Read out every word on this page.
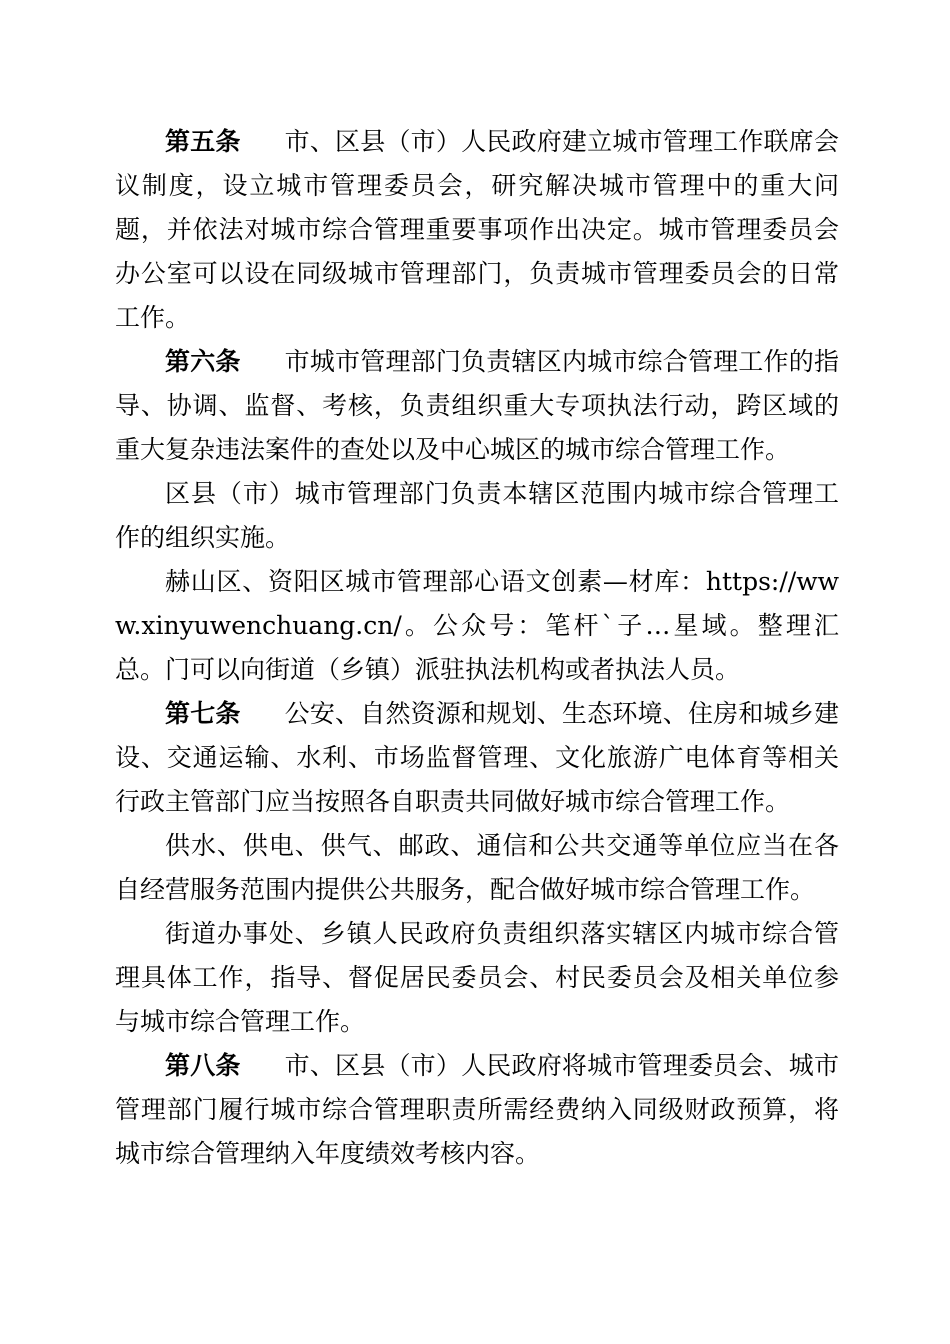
第五条 市、区县（市）人民政府建立城市管理工作联席会议制度，设立城市管理委员会，研究解决城市管理中的重大问题，并依法对城市综合管理重要事项作出决定。城市管理委员会办公室可以设在同级城市管理部门，负责城市管理委员会的日常工作。

第六条 市城市管理部门负责辖区内城市综合管理工作的指导、协调、监督、考核，负责组织重大专项执法行动，跨区域的重大复杂违法案件的查处以及中心城区的城市综合管理工作。

区县（市）城市管理部门负责本辖区范围内城市综合管理工作的组织实施。

赫山区、资阳区城市管理部心语文创素—材库：https://www.xinyuwenchuang.cn/。公众号：笔杆`子…星域。整理汇总。门可以向街道（乡镇）派驻执法机构或者执法人员。

第七条 公安、自然资源和规划、生态环境、住房和城乡建设、交通运输、水利、市场监督管理、文化旅游广电体育等相关行政主管部门应当按照各自职责共同做好城市综合管理工作。

供水、供电、供气、邮政、通信和公共交通等单位应当在各自经营服务范围内提供公共服务，配合做好城市综合管理工作。

街道办事处、乡镇人民政府负责组织落实辖区内城市综合管理具体工作，指导、督促居民委员会、村民委员会及相关单位参与城市综合管理工作。

第八条 市、区县（市）人民政府将城市管理委员会、城市管理部门履行城市综合管理职责所需经费纳入同级财政预算，将城市综合管理纳入年度绩效考核内容。
